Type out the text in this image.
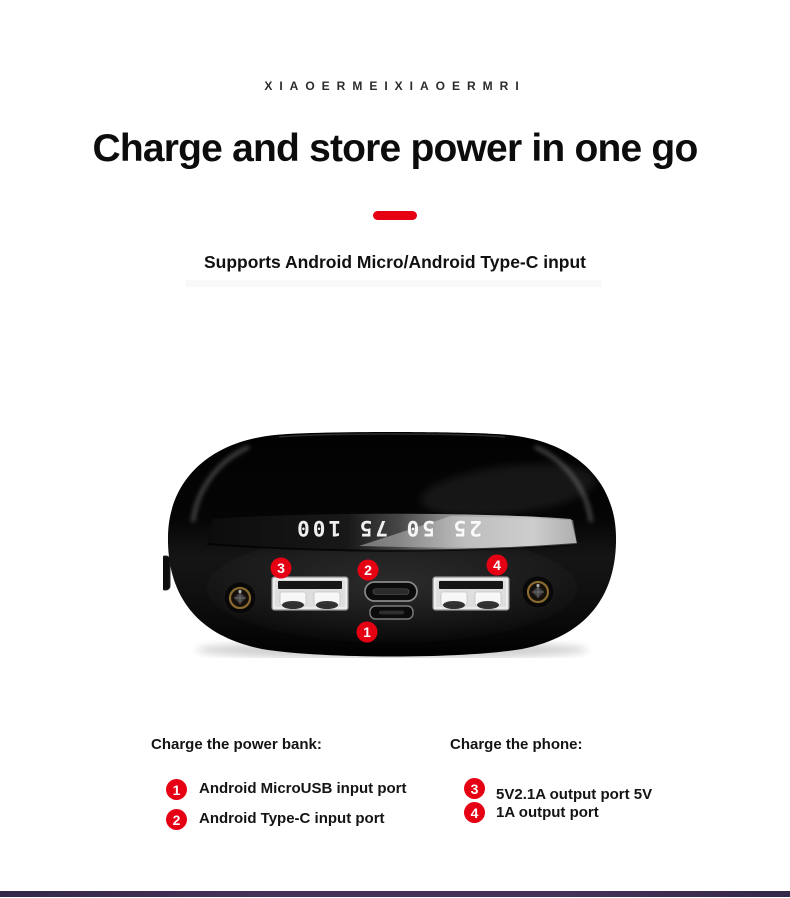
XIAOERMEIXIAOERMRI
Charge and store power in one go
Supports Android Micro/Android Type-C input
25 50 75 100
3	2	4
1
Charge the power bank:
1	Android MicroUSB input port
2	Android Type-C input port
Charge the phone:
3	5V2.1A output port 5V
4	1A output port
